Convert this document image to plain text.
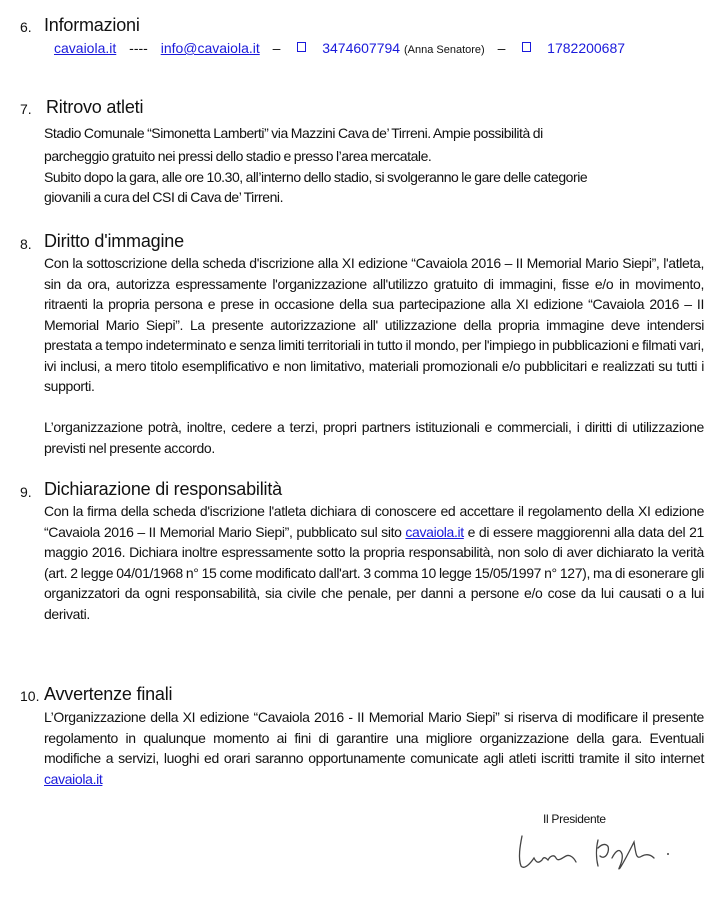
6. Informazioni
cavaiola.it ---- info@cavaiola.it –	3474607794 (Anna Senatore) –	1782200687
7. Ritrovo atleti
Stadio Comunale “Simonetta Lamberti” via Mazzini Cava de’ Tirreni. Ampie possibilità di
parcheggio gratuito nei pressi dello stadio e presso l’area mercatale.
Subito dopo la gara, alle ore 10.30, all’interno dello stadio, si svolgeranno le gare delle categorie
giovanili a cura del CSI di Cava de’ Tirreni.
8. Diritto d'immagine
Con la sottoscrizione della scheda d'iscrizione alla XI edizione “Cavaiola 2016 – II Memorial Mario Siepi”, l'atleta, sin da ora, autorizza espressamente l'organizzazione all'utilizzo gratuito di immagini, fisse e/o in movimento, ritraenti la propria persona e prese in occasione della sua partecipazione alla XI edizione “Cavaiola 2016 – II Memorial Mario Siepi”. La presente autorizzazione all' utilizzazione della propria immagine deve intendersi prestata a tempo indeterminato e senza limiti territoriali in tutto il mondo, per l'impiego in pubblicazioni e filmati vari, ivi inclusi, a mero titolo esemplificativo e non limitativo, materiali promozionali e/o pubblicitari e realizzati su tutti i supporti.
L’organizzazione potrà, inoltre, cedere a terzi, propri partners istituzionali e commerciali, i diritti di utilizzazione previsti nel presente accordo.
9. Dichiarazione di responsabilità
Con la firma della scheda d'iscrizione l'atleta dichiara di conoscere ed accettare il regolamento della XI edizione “Cavaiola 2016 – II Memorial Mario Siepi”, pubblicato sul sito cavaiola.it e di essere maggiorenni alla data del 21 maggio 2016. Dichiara inoltre espressamente sotto la propria responsabilità, non solo di aver dichiarato la verità (art. 2 legge 04/01/1968 n° 15 come modificato dall'art. 3 comma 10 legge 15/05/1997 n° 127), ma di esonerare gli organizzatori da ogni responsabilità, sia civile che penale, per danni a persone e/o cose da lui causati o a lui derivati.
10. Avvertenze finali
L’Organizzazione della XI edizione “Cavaiola 2016 - II Memorial Mario Siepi” si riserva di modificare il presente regolamento in qualunque momento ai fini di garantire una migliore organizzazione della gara. Eventuali modifiche a servizi, luoghi ed orari saranno opportunamente comunicate agli atleti iscritti tramite il sito internet cavaiola.it
Il Presidente
